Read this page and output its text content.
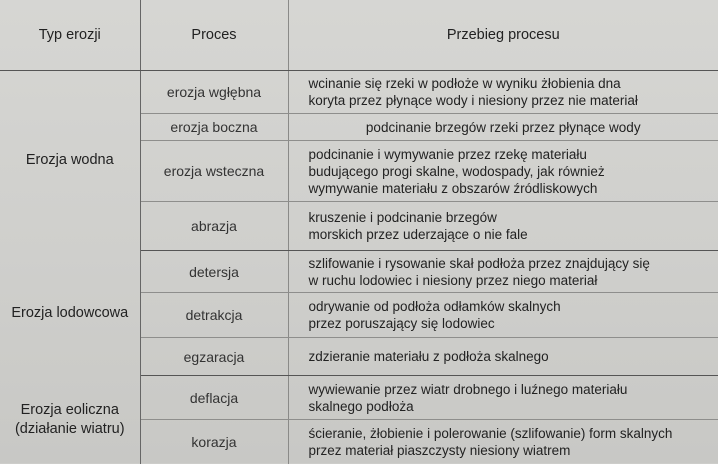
Typ erozji	Proces	Przebieg procesu
Erozja wodna	erozja wgłębna	wcinanie się rzeki w podłoże w wyniku żłobienia dna
koryta przez płynące wody i niesiony przez nie materiał

	erozja boczna	podcinanie brzegów rzeki przez płynące wody

	erozja wsteczna	podcinanie i wymywanie przez rzekę materiału
budującego progi skalne, wodospady, jak również
wymywanie materiału z obszarów źródliskowych

	abrazja	kruszenie i podcinanie brzegów
morskich przez uderzające o nie fale

Erozja lodowcowa	detersja	szlifowanie i rysowanie skał podłoża przez znajdujący się
w ruchu lodowiec i niesiony przez niego materiał

	detrakcja	odrywanie od podłoża odłamków skalnych
przez poruszający się lodowiec

	egzaracja	zdzieranie materiału z podłoża skalnego

Erozja eoliczna
(działanie wiatru)	deflacja	wywiewanie przez wiatr drobnego i luźnego materiału
skalnego podłoża

	korazja	ścieranie, żłobienie i polerowanie (szlifowanie) form skalnych
przez materiał piaszczysty niesiony wiatrem
